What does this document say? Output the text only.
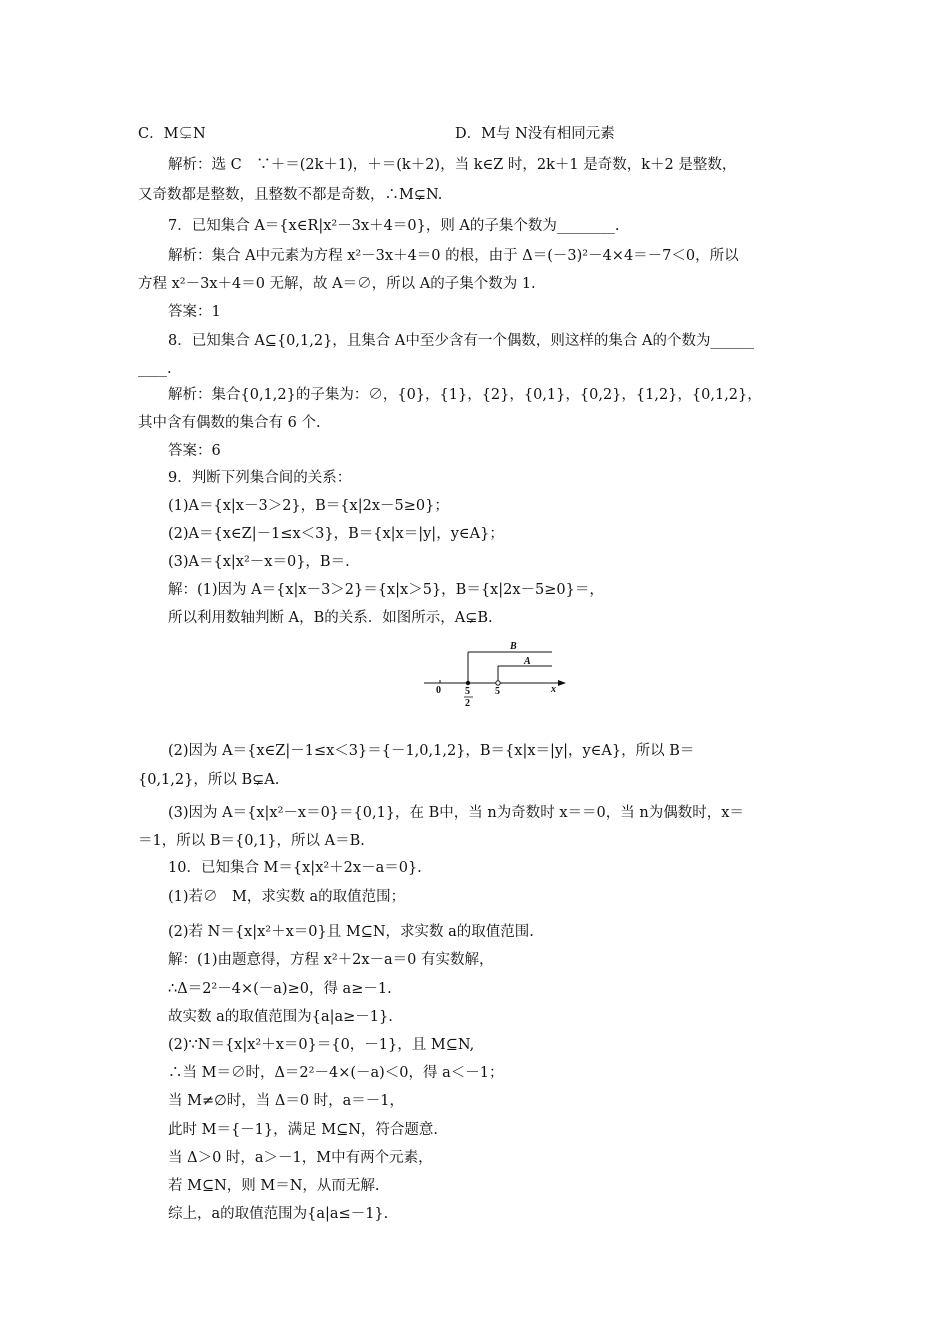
C．M⊊N	D．M与 N没有相同元素
解析：选 C　∵＋＝(2k＋1)，＋＝(k＋2)，当 k∈Z 时，2k＋1 是奇数，k＋2 是整数，
又奇数都是整数，且整数不都是奇数，∴M⊊N.
7．已知集合 A＝{x∈R|x²－3x＋4＝0}，则 A的子集个数为________.
解析：集合 A中元素为方程 x²－3x＋4＝0 的根，由于 Δ＝(－3)²－4×4＝－7＜0，所以
方程 x²－3x＋4＝0 无解，故 A＝∅，所以 A的子集个数为 1.
答案：1
8．已知集合 A⊆{0,1,2}，且集合 A中至少含有一个偶数，则这样的集合 A的个数为______
____.
解析：集合{0,1,2}的子集为：∅，{0}，{1}，{2}，{0,1}，{0,2}，{1,2}，{0,1,2}，
其中含有偶数的集合有 6 个.
答案：6
9．判断下列集合间的关系：
(1)A＝{x|x－3＞2}，B＝{x|2x－5≥0}；
(2)A＝{x∈Z|－1≤x＜3}，B＝{x|x＝|y|，y∈A}；
(3)A＝{x|x²－x＝0}，B＝.
解：(1)因为 A＝{x|x－3＞2}＝{x|x＞5}，B＝{x|2x－5≥0}＝，
所以利用数轴判断 A，B的关系．如图所示，A⊊B.
B
A
0 5
2
5	x
(2)因为 A＝{x∈Z|－1≤x＜3}＝{－1,0,1,2}，B＝{x|x＝|y|，y∈A}，所以 B＝
{0,1,2}，所以 B⊊A.
(3)因为 A＝{x|x²－x＝0}＝{0,1}，在 B中，当 n为奇数时 x＝＝0，当 n为偶数时，x＝
＝1，所以 B＝{0,1}，所以 A＝B.
10．已知集合 M＝{x|x²＋2x－a＝0}.
(1)若∅　M，求实数 a的取值范围；
(2)若 N＝{x|x²＋x＝0}且 M⊆N，求实数 a的取值范围.
解：(1)由题意得，方程 x²＋2x－a＝0 有实数解，
∴Δ＝2²－4×(－a)≥0，得 a≥－1.
故实数 a的取值范围为{a|a≥－1}.
(2)∵N＝{x|x²＋x＝0}＝{0，－1}，且 M⊆N,
∴当 M＝∅时，Δ＝2²－4×(－a)＜0，得 a＜－1；
当 M≠∅时，当 Δ＝0 时，a＝－1，
此时 M＝{－1}，满足 M⊆N，符合题意.
当 Δ＞0 时，a＞－1，M中有两个元素，
若 M⊆N，则 M＝N，从而无解.
综上，a的取值范围为{a|a≤－1}.
